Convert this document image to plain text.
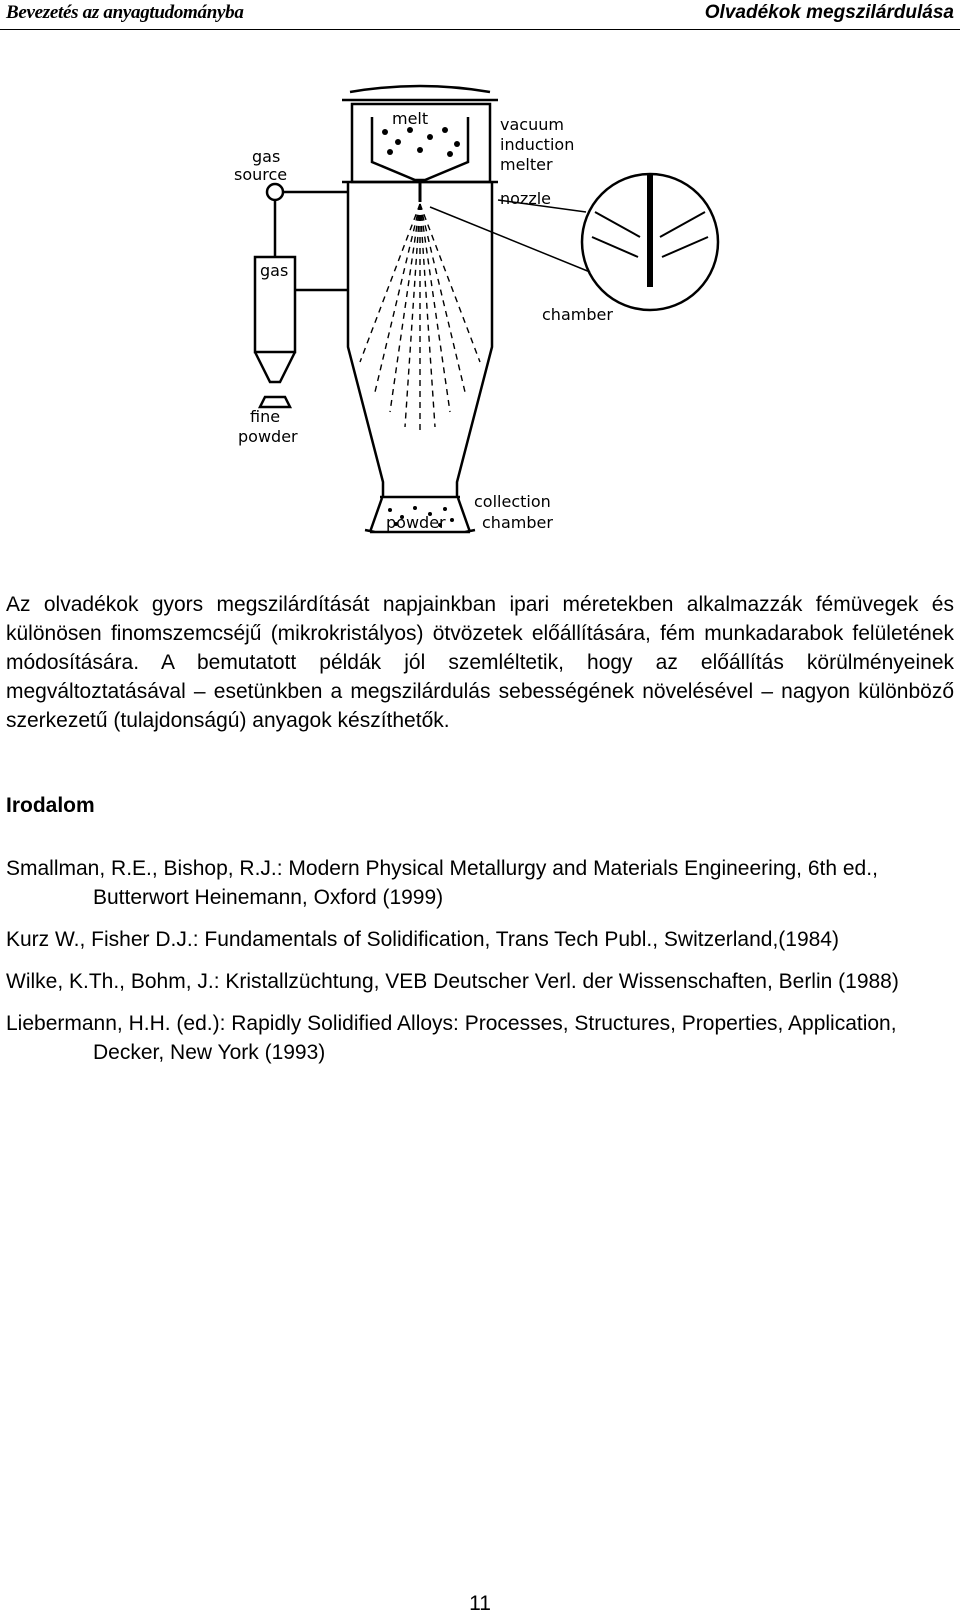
Bevezetés az anyagtudományba	Olvadékok megszilárdulása
melt	vacuum
induction
melter
gas
source
nozzle
gas
chamber
fine
powder
collection
powder chamber

Az olvadékok gyors megszilárdítását napjainkban ipari méretekben alkalmazzák fémüvegek és különösen finomszemcséjű (mikrokristályos) ötvözetek előállítására, fém munkadarabok felületének módosítására. A bemutatott példák jól szemléltetik, hogy az előállítás körülményeinek megváltoztatásával – esetünkben a megszilárdulás sebességének növelésével – nagyon különböző szerkezetű (tulajdonságú) anyagok készíthetők.

Irodalom
Smallman, R.E., Bishop, R.J.: Modern Physical Metallurgy and Materials Engineering, 6th ed., Butterwort Heinemann, Oxford (1999)
Kurz W., Fisher D.J.: Fundamentals of Solidification, Trans Tech Publ., Switzerland,(1984)
Wilke, K.Th., Bohm, J.: Kristallzüchtung, VEB Deutscher Verl. der Wissenschaften, Berlin (1988)
Liebermann, H.H. (ed.): Rapidly Solidified Alloys: Processes, Structures, Properties, Application, Decker, New York (1993)
11
